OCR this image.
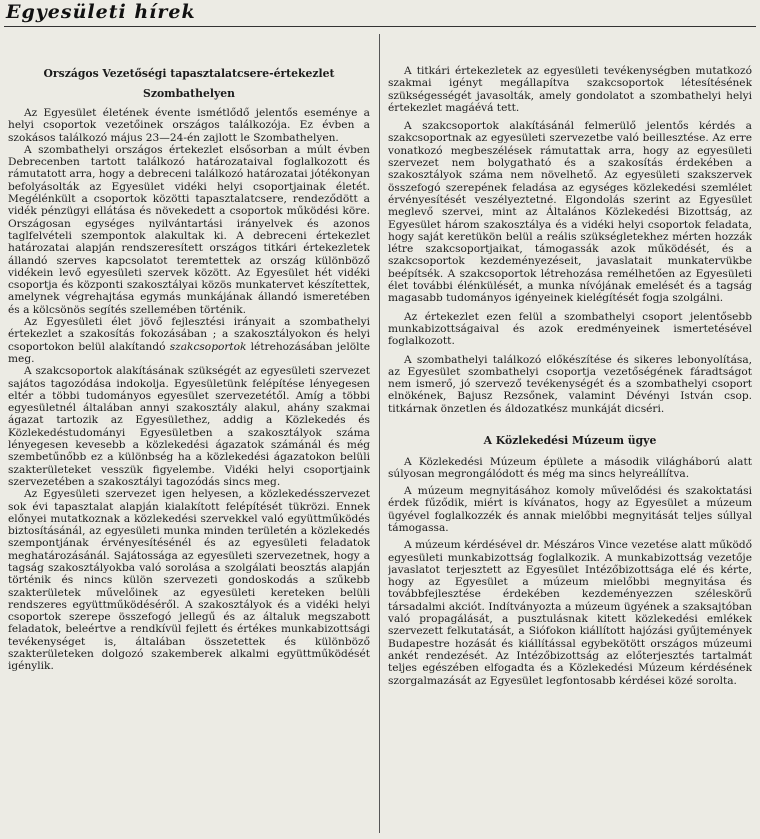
Egyesületi hírek
Országos Vezetőségi tapasztalatcsere-értekezlet
Szombathelyen

Az Egyesület életének évente ismétlődő jelentős eseménye a helyi csoportok vezetőinek országos találkozója. Ez évben a szokásos találkozó május 23—24-én zajlott le Szombathelyen.

A szombathelyi országos értekezlet elsősorban a múlt évben Debrecenben tartott találkozó határozataival foglalkozott és rámutatott arra, hogy a debreceni találkozó határozatai jótékonyan befolyásolták az Egyesület vidéki helyi csoportjainak életét. Megélénkült a csoportok közötti tapasztalatcsere, rendeződött a vidék pénzügyi ellátása és növekedett a csoportok működési köre. Országosan egységes nyilvántartási irányelvek és azonos taglfelvételi szempontok alakultak ki. A debreceni értekezlet határozatai alapján rendszeresített országos titkári értekezletek állandó szerves kapcsolatot teremtettek az ország különböző vidékein levő egyesületi szervek között. Az Egyesület hét vidéki csoportja és központi szakosztályai közös munkatervet készítettek, amelynek végrehajtása egymás munkájának állandó ismeretében és a kölcsönös segítés szellemében történik.

Az Egyesületi élet jövő fejlesztési irányait a szombathelyi értekezlet a szakosítás fokozásában ; a szakosztályokon és helyi csoportokon belül alakítandó szakcsoportok létrehozásában jelölte meg.

A szakcsoportok alakításának szükségét az egyesületi szervezet sajátos tagozódása indokolja. Egyesületünk felépítése lényegesen eltér a többi tudományos egyesület szervezetétől. Amíg a többi egyesületnél általában annyi szakosztály alakul, ahány szakmai ágazat tartozik az Egyesülethez, addig a Közlekedés és Közlekedéstudományi Egyesületben a szakosztályok száma lényegesen kevesebb a közlekedési ágazatok számánál és még szembetűnőbb ez a különbség ha a közlekedési ágazatokon belüli szakterületeket vesszük figyelembe. Vidéki helyi csoportjaink szervezetében a szakosztályi tagozódás sincs meg.

Az Egyesületi szervezet igen helyesen, a közlekedésszervezet sok évi tapasztalat alapján kialakított felépítését tükrözi. Ennek előnyei mutatkoznak a közlekedési szervekkel való együttműködés biztosításánál, az egyesületi munka minden területén a közlekedés szempontjának érvényesítésénél és az egyesületi feladatok meghatározásánál. Sajátossága az egyesületi szervezetnek, hogy a tagság szakosztályokba való sorolása a szolgálati beosztás alapján történik és nincs külön szervezeti gondoskodás a szűkebb szakterületek művelőinek az egyesületi kereteken belüli rendszeres együttműködéséről. A szakosztályok és a vidéki helyi csoportok szerepe összefogó jellegű és az általuk megszabott feladatok, beleértve a rendkívül fejlett és értékes munkabizottsági tevékenységet is, általában összetettek és különböző szakterületeken dolgozó szakemberek alkalmi együttműködését igénylik.

A titkári értekezletek az egyesületi tevékenységben mutatkozó szakmai igényt megállapítva szakcsoportok létesítésének szükségességét javasolták, amely gondolatot a szombathelyi helyi értekezlet magáévá tett.

A szakcsoportok alakításánál felmerülő jelentős kérdés a szakcsoportnak az egyesületi szervezetbe való beillesztése. Az erre vonatkozó megbeszélések rámutattak arra, hogy az egyesületi szervezet nem bolygatható és a szakosítás érdekében a szakosztályok száma nem növelhető. Az egyesületi szakszervek összefogó szerepének feladása az egységes közlekedési szemlélet érvényesítését veszélyeztetné. Elgondolás szerint az Egyesület meglevő szervei, mint az Általános Közlekedési Bizottság, az Egyesület három szakosztálya és a vidéki helyi csoportok feladata, hogy saját keretükön belül a reális szükségletekhez mérten hozzák létre szakcsoportjaikat, támogassák azok működését, és a szakcsoportok kezdeményezéseit, javaslatait munkatervükbe beépítsék. A szakcsoportok létrehozása remélhetően az Egyesületi élet további élénkülését, a munka nívójának emelését és a tagság magasabb tudományos igényeinek kielégítését fogja szolgálni.

Az értekezlet ezen felül a szombathelyi csoport jelentősebb munkabizottságaival és azok eredményeinek ismertetésével foglalkozott.

A szombathelyi találkozó előkészítése és sikeres lebonyolítása, az Egyesület szombathelyi csoportja vezetőségének fáradtságot nem ismerő, jó szervező tevékenységét és a szombathelyi csoport elnökének, Bajusz Rezsőnek, valamint Dévényi István csop. titkárnak önzetlen és áldozatkész munkáját dicséri.

A Közlekedési Múzeum ügye

A Közlekedési Múzeum épülete a második világháború alatt súlyosan megrongálódott és még ma sincs helyreállítva.

A múzeum megnyitásához komoly művelődési és szakoktatási érdek fűződik, miért is kívánatos, hogy az Egyesület a múzeum ügyével foglalkozzék és annak mielőbbi megnyitását teljes súllyal támogassa.

A múzeum kérdésével dr. Mészáros Vince vezetése alatt működő egyesületi munkabizottság foglalkozik. A munkabizottság vezetője javaslatot terjesztett az Egyesület Intézőbizottsága elé és kérte, hogy az Egyesület a múzeum mielőbbi megnyitása és továbbfejlesztése érdekében kezdeményezzen széleskörű társadalmi akciót. Indítványozta a múzeum ügyének a szaksajtóban való propagálását, a pusztulásnak kitett közlekedési emlékek szervezett felkutatását, a Siófokon kiállított hajózási gyűjtemények Budapestre hozását és kiállítással egybekötött országos múzeumi ankét rendezését. Az Intézőbizottság az előterjesztés tartalmát teljes egészében elfogadta és a Közlekedési Múzeum kérdésének szorgalmazását az Egyesület legfontosabb kérdései közé sorolta.
